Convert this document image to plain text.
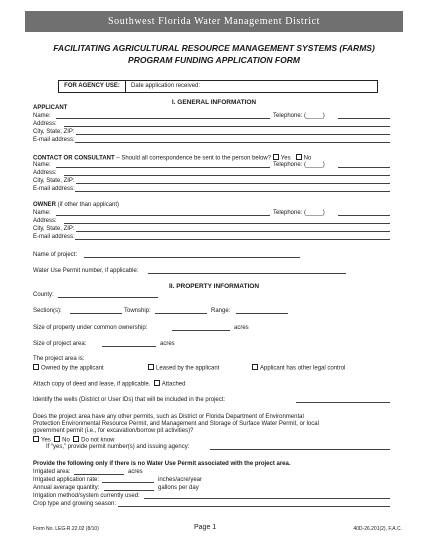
Southwest Florida Water Management District
FACILITATING AGRICULTURAL RESOURCE MANAGEMENT SYSTEMS (FARMS)
PROGRAM FUNDING APPLICATION FORM
FOR AGENCY USE:	Date application received:
I. GENERAL INFORMATION
APPLICANT
Name:	Telephone: (_____)
Address:
City, State, ZIP:
E-mail address:
CONTACT OR CONSULTANT – Should all correspondence be sent to the person below? Yes No
Name:	Telephone: (_____)
Address:
City, State, ZIP:
E-mail address:
OWNER (if other than applicant)
Name:	Telephone: (_____)
Address:
City, State, ZIP:
E-mail address:
Name of project:
Water Use Permit number, if applicable:
II. PROPERTY INFORMATION
County:
Section(s):	Township:	Range:
Size of property under common ownership:	acres
Size of project area:	acres
The project area is:
Owned by the applicant	Leased by the applicant	Applicant has other legal control
Attach copy of deed and lease, if applicable. Attached
Identify the wells (District or User IDs) that will be included in the project:
Does the project area have any other permits, such as District or Florida Department of Environmental
Protection Environmental Resource Permit, and Management and Storage of Surface Water Permit, or local
government permit (i.e., for excavation/borrow pit activities)?
Yes No Do not know
If “yes,” provide permit number(s) and issuing agency:
Provide the following only if there is no Water Use Permit associated with the project area.
Irrigated area:	acres
Irrigated application rate:	inches/acre/year
Annual average quantity:	gallons per day
Irrigation method/system currently used:
Crop type and growing season:
Form No. LEG-R.22.02 (8/10)	Page 1	40D-26.201(2), F.A.C.
